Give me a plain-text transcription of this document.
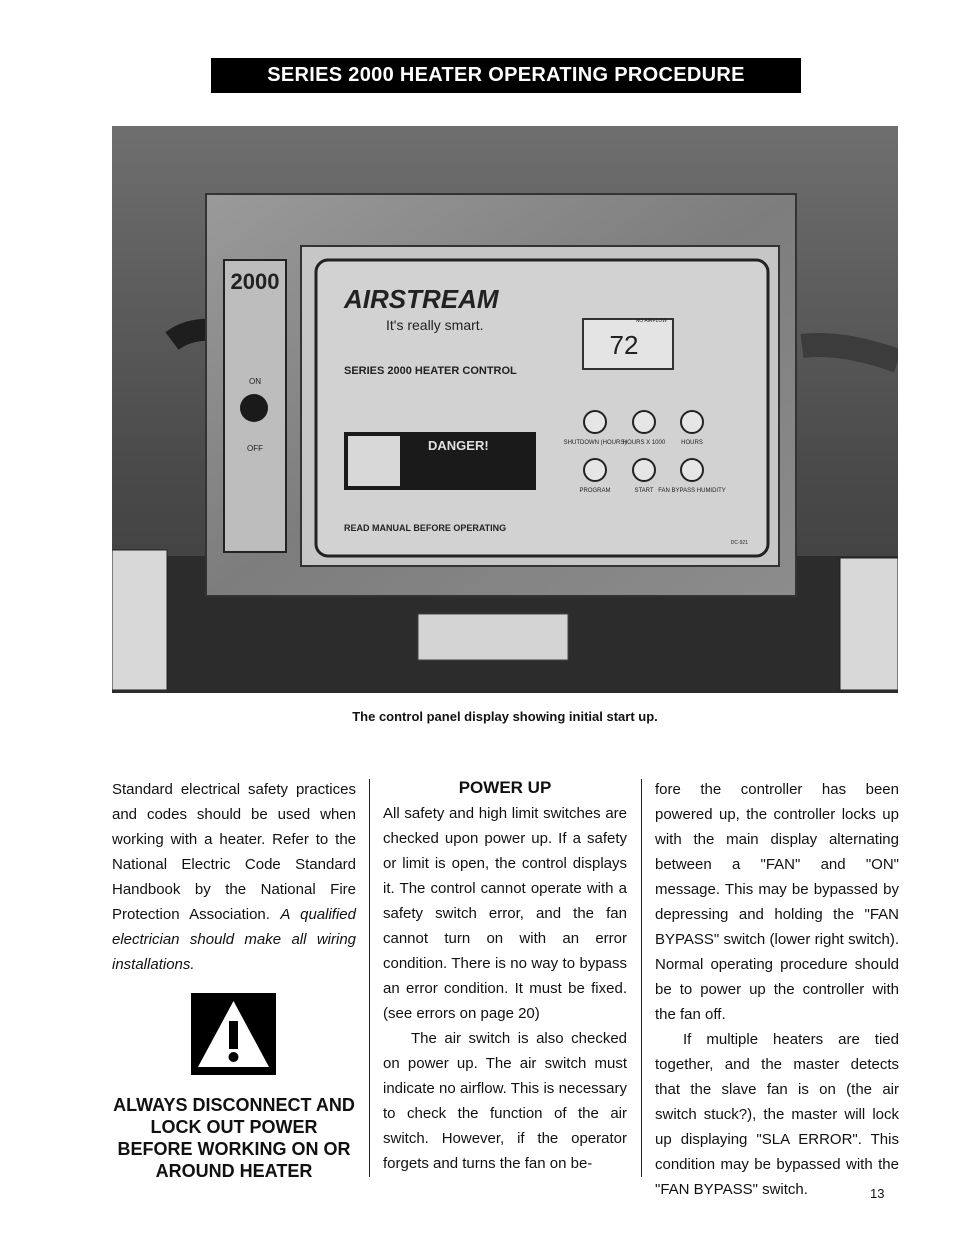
SERIES 2000 HEATER OPERATING PROCEDURE
2000
ON
OFF
AIRSTREAM
It's really smart.
SERIES 2000 HEATER CONTROL
72
NO AIRFLOW
SHUTDOWN (HOURS)
HOURS X 1000	HOURS
PROGRAM	START FAN BYPASS HUMIDITY
DANGER!
READ MANUAL BEFORE OPERATING
DC-921
The control panel display showing initial start up.

Standard electrical safety practices and codes should be used when working with a heater. Refer to the National Electric Code Standard Handbook by the National Fire Protection Association. A qualified electrician should make all wiring installations.

ALWAYS DISCONNECT AND LOCK OUT POWER BEFORE WORKING ON OR AROUND HEATER
POWER UP

All safety and high limit switches are checked upon power up. If a safety or limit is open, the control displays it. The control cannot operate with a safety switch error, and the fan cannot turn on with an error condition. There is no way to bypass an error condition. It must be fixed. (see errors on page 20)

The air switch is also checked on power up. The air switch must indicate no airflow. This is necessary to check the function of the air switch. However, if the operator forgets and turns the fan on be-

fore the controller has been powered up, the controller locks up with the main display alternating between a "FAN" and "ON" message. This may be bypassed by depressing and holding the "FAN BYPASS" switch (lower right switch). Normal operating procedure should be to power up the controller with the fan off.

If multiple heaters are tied together, and the master detects that the slave fan is on (the air switch stuck?), the master will lock up displaying "SLA ERROR". This condition may be bypassed with the "FAN BYPASS" switch.	13
